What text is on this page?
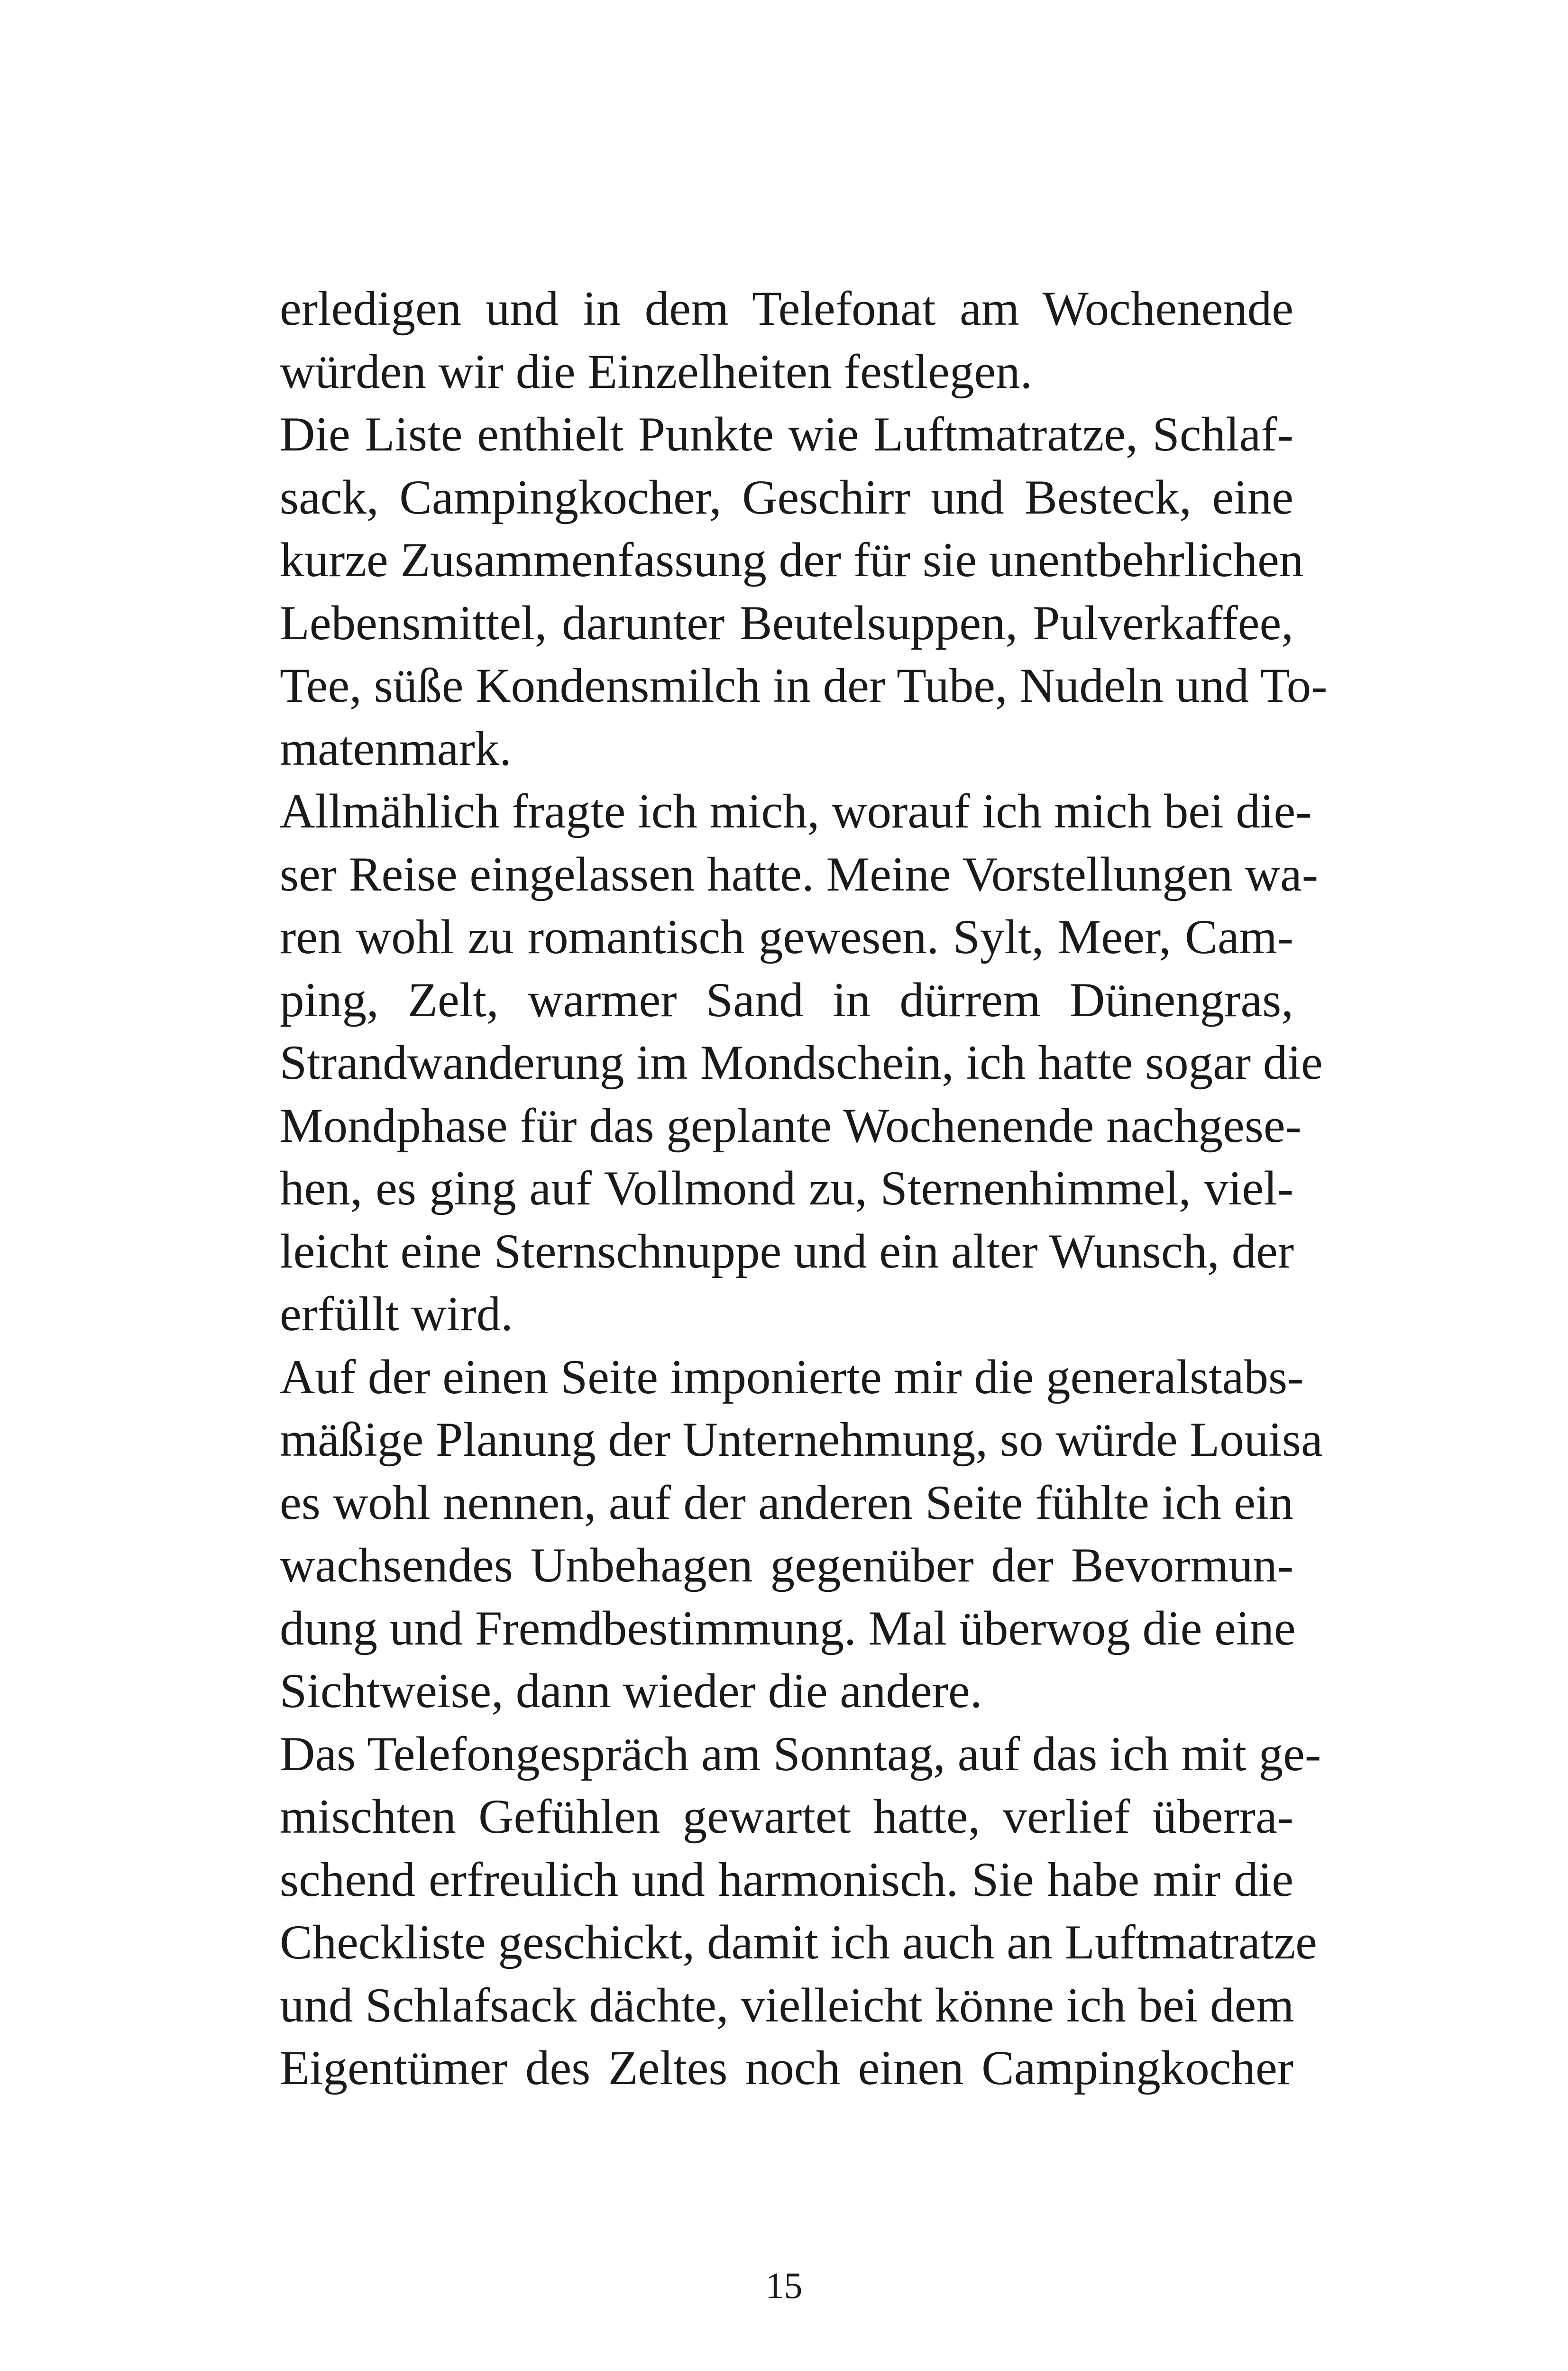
erledigen und in dem Telefonat am Wochenende
würden wir die Einzelheiten festlegen.
Die Liste enthielt Punkte wie Luftmatratze, Schlaf-
sack, Campingkocher, Geschirr und Besteck, eine
kurze Zusammenfassung der für sie unentbehrlichen
Lebensmittel, darunter Beutelsuppen, Pulverkaffee,
Tee, süße Kondensmilch in der Tube, Nudeln und To-
matenmark.
Allmählich fragte ich mich, worauf ich mich bei die-
ser Reise eingelassen hatte. Meine Vorstellungen wa-
ren wohl zu romantisch gewesen. Sylt, Meer, Cam-
ping, Zelt, warmer Sand in dürrem Dünengras,
Strandwanderung im Mondschein, ich hatte sogar die
Mondphase für das geplante Wochenende nachgese-
hen, es ging auf Vollmond zu, Sternenhimmel, viel-
leicht eine Sternschnuppe und ein alter Wunsch, der
erfüllt wird.
Auf der einen Seite imponierte mir die generalstabs-
mäßige Planung der Unternehmung, so würde Louisa
es wohl nennen, auf der anderen Seite fühlte ich ein
wachsendes Unbehagen gegenüber der Bevormun-
dung und Fremdbestimmung. Mal überwog die eine
Sichtweise, dann wieder die andere.
Das Telefongespräch am Sonntag, auf das ich mit ge-
mischten Gefühlen gewartet hatte, verlief überra-
schend erfreulich und harmonisch. Sie habe mir die
Checkliste geschickt, damit ich auch an Luftmatratze
und Schlafsack dächte, vielleicht könne ich bei dem
Eigentümer des Zeltes noch einen Campingkocher
15
